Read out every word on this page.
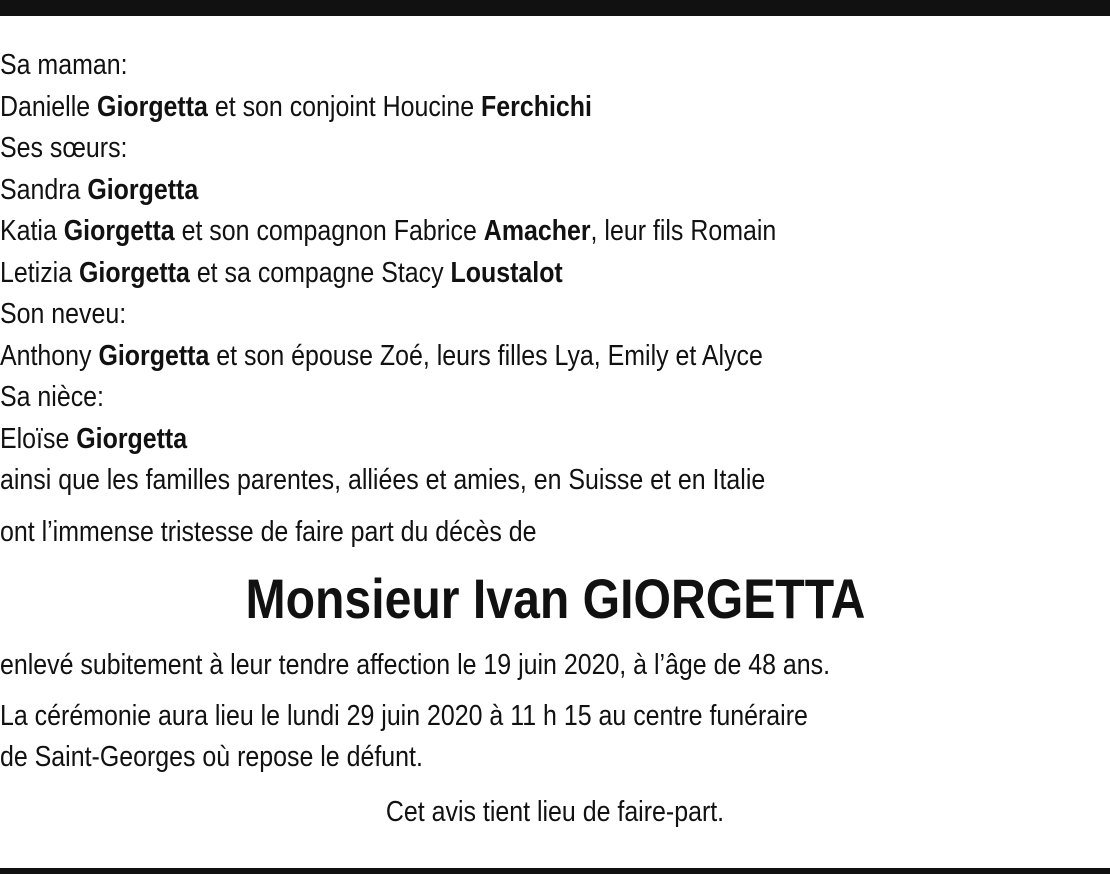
Sa maman:
Danielle Giorgetta et son conjoint Houcine Ferchichi
Ses sœurs:
Sandra Giorgetta
Katia Giorgetta et son compagnon Fabrice Amacher, leur fils Romain
Letizia Giorgetta et sa compagne Stacy Loustalot
Son neveu:
Anthony Giorgetta et son épouse Zoé, leurs filles Lya, Emily et Alyce
Sa nièce:
Eloïse Giorgetta
ainsi que les familles parentes, alliées et amies, en Suisse et en Italie
ont l’immense tristesse de faire part du décès de
Monsieur Ivan GIORGETTA
enlevé subitement à leur tendre affection le 19 juin 2020, à l’âge de 48 ans.
La cérémonie aura lieu le lundi 29 juin 2020 à 11 h 15 au centre funéraire
de Saint-Georges où repose le défunt.
Cet avis tient lieu de faire-part.
